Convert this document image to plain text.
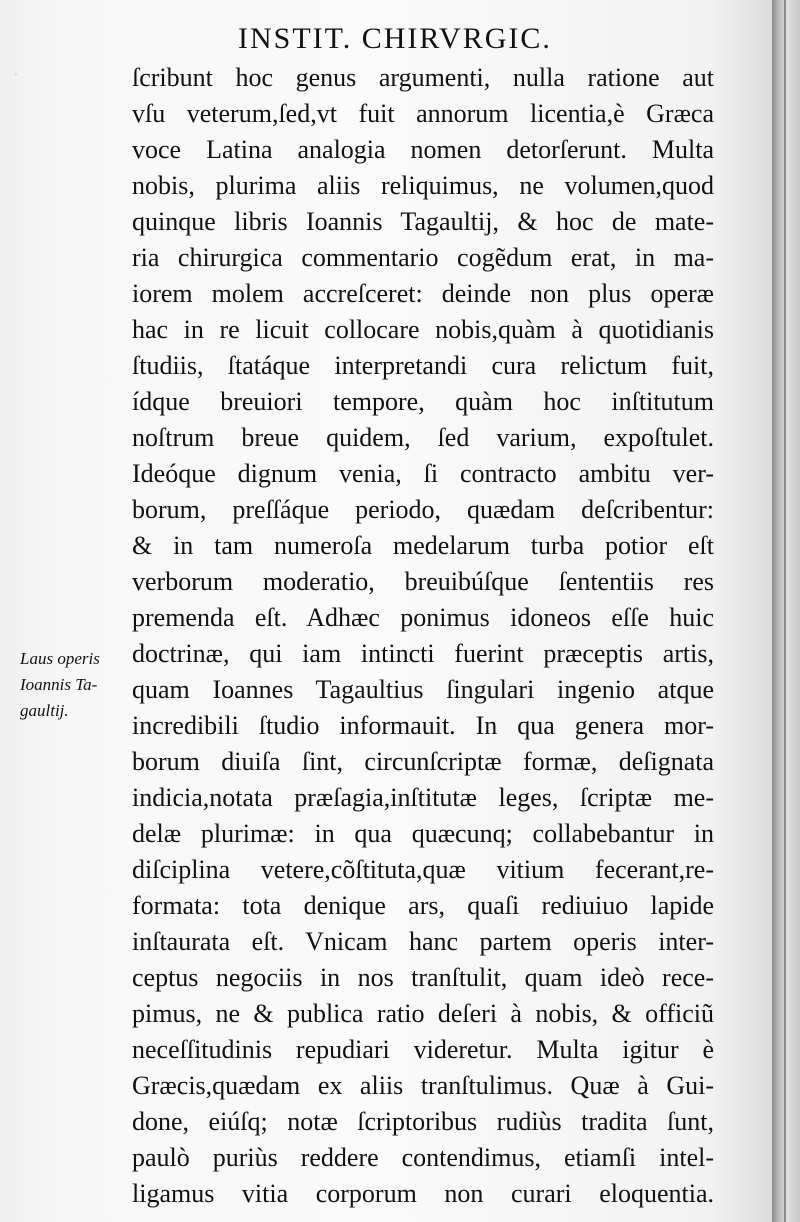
·
INSTIT. CHIRVRGIC.
ſcribunt hoc genus argumenti, nulla ratione aut
vſu veterum,ſed,vt fuit annorum licentia,è Græca
voce Latina analogia nomen detorſerunt. Multa
nobis, plurima aliis reliquimus, ne volumen,quod
quinque libris Ioannis Tagaultij, & hoc de mate-
ria chirurgica commentario cogẽdum erat, in ma-
iorem molem accreſceret: deinde non plus operæ
hac in re licuit collocare nobis,quàm à quotidianis
ſtudiis, ſtatáque interpretandi cura relictum fuit,
ídque breuiori tempore, quàm hoc inſtitutum
noſtrum breue quidem, ſed varium, expoſtulet.
Ideóque dignum venia, ſi contracto ambitu ver-
borum, preſſáque periodo, quædam deſcribentur:
& in tam numeroſa medelarum turba potior eſt
verborum moderatio, breuibúſque ſententiis res
premenda eſt. Adhæc ponimus idoneos eſſe huic
doctrinæ, qui iam intincti fuerint præceptis artis,
quam Ioannes Tagaultius ſingulari ingenio atque
incredibili ſtudio informauit. In qua genera mor-
borum diuiſa ſint, circunſcriptæ formæ, deſignata
indicia,notata præſagia,inſtitutæ leges, ſcriptæ me-
delæ plurimæ: in qua quæcunq; collabebantur in
diſciplina vetere,cõſtituta,quæ vitium fecerant,re-
formata: tota denique ars, quaſi rediuiuo lapide
inſtaurata eſt. Vnicam hanc partem operis inter-
ceptus negociis in nos tranſtulit, quam ideò rece-
pimus, ne & publica ratio deſeri à nobis, & officiũ
neceſſitudinis repudiari videretur. Multa igitur è
Græcis,quædam ex aliis tranſtulimus. Quæ à Gui-
done, eiúſq; notæ ſcriptoribus rudiùs tradita ſunt,
paulò puriùs reddere contendimus, etiamſi intel-
ligamus vitia corporum non curari eloquentia.
Laus operis
Ioannis Ta-
gaultij.
